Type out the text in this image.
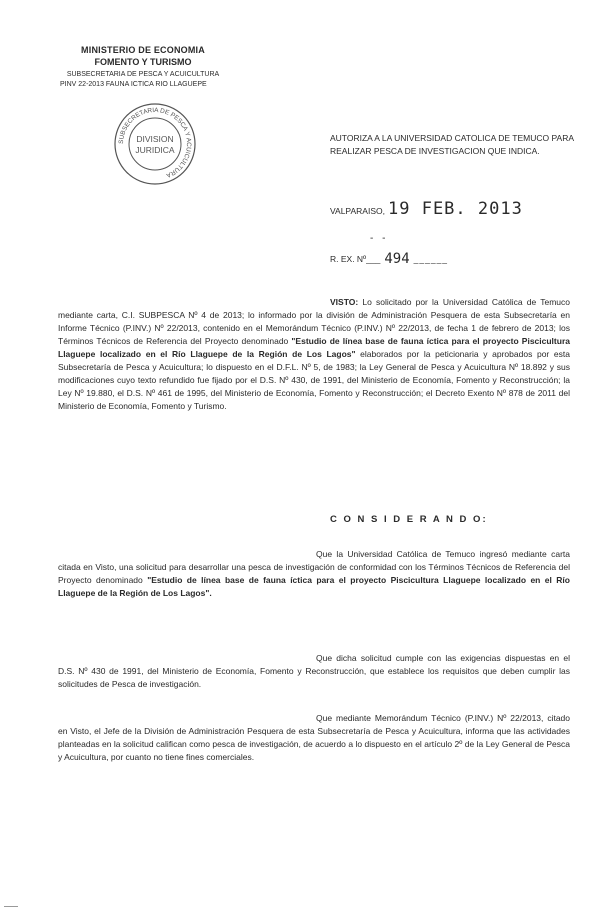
MINISTERIO DE ECONOMIA
FOMENTO Y TURISMO
SUBSECRETARIA DE PESCA Y ACUICULTURA
PINV 22-2013 FAUNA ICTICA RIO LLAGUEPE
SUBSECRETARIA DE PESCA Y ACUICULTURA
DIVISION
JURIDICA
AUTORIZA A LA UNIVERSIDAD CATOLICA DE TEMUCO PARA REALIZAR PESCA DE INVESTIGACION QUE INDICA.
VALPARAISO, 19 FEB. 2013
- -
R. EX. Nº___ 494 ______
VISTO: Lo solicitado por la Universidad Católica de Temuco mediante carta, C.I. SUBPESCA Nº 4 de 2013; lo informado por la división de Administración Pesquera de esta Subsecretaría en Informe Técnico (P.INV.) Nº 22/2013, contenido en el Memorándum Técnico (P.INV.) Nº 22/2013, de fecha 1 de febrero de 2013; los Términos Técnicos de Referencia del Proyecto denominado "Estudio de línea base de fauna íctica para el proyecto Piscicultura Llaguepe localizado en el Río Llaguepe de la Región de Los Lagos" elaborados por la peticionaria y aprobados por esta Subsecretaría de Pesca y Acuicultura; lo dispuesto en el D.F.L. Nº 5, de 1983; la Ley General de Pesca y Acuicultura Nº 18.892 y sus modificaciones cuyo texto refundido fue fijado por el D.S. Nº 430, de 1991, del Ministerio de Economía, Fomento y Reconstrucción; la Ley Nº 19.880, el D.S. Nº 461 de 1995, del Ministerio de Economía, Fomento y Reconstrucción; el Decreto Exento Nº 878 de 2011 del Ministerio de Economía, Fomento y Turismo.
C O N S I D E R A N D O:
Que la Universidad Católica de Temuco ingresó mediante carta citada en Visto, una solicitud para desarrollar una pesca de investigación de conformidad con los Términos Técnicos de Referencia del Proyecto denominado "Estudio de línea base de fauna íctica para el proyecto Piscicultura Llaguepe localizado en el Río Llaguepe de la Región de Los Lagos".
Que dicha solicitud cumple con las exigencias dispuestas en el D.S. Nº 430 de 1991, del Ministerio de Economía, Fomento y Reconstrucción, que establece los requisitos que deben cumplir las solicitudes de Pesca de investigación.
Que mediante Memorándum Técnico (P.INV.) Nº 22/2013, citado en Visto, el Jefe de la División de Administración Pesquera de esta Subsecretaría de Pesca y Acuicultura, informa que las actividades planteadas en la solicitud califican como pesca de investigación, de acuerdo a lo dispuesto en el artículo 2º de la Ley General de Pesca y Acuicultura, por cuanto no tiene fines comerciales.
